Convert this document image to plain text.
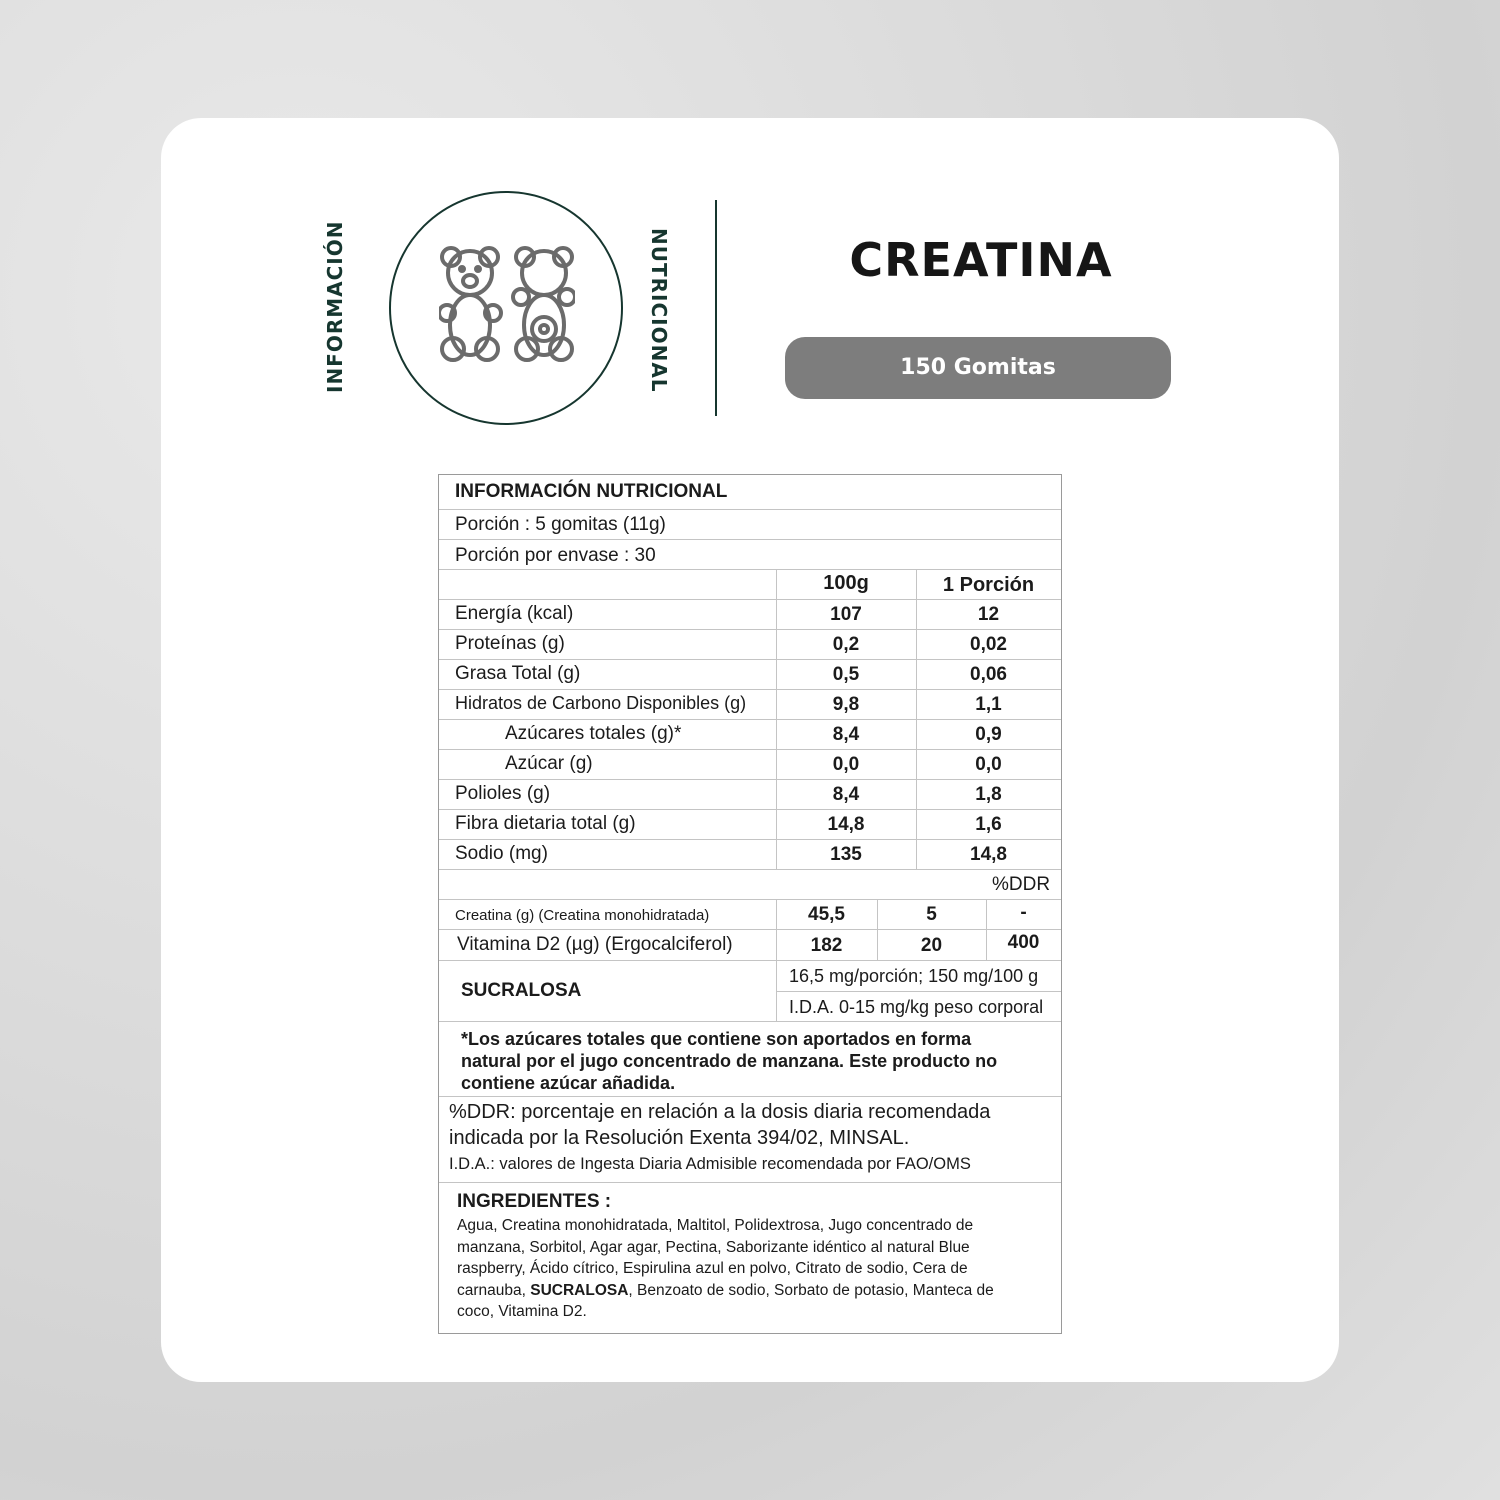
INFORMACIÓN	NUTRICIONAL	CREATINA
150 Gomitas
INFORMACIÓN NUTRICIONAL
Porción : 5 gomitas (11g)
Porción por envase : 30
100g	1 Porción
Energía (kcal)	107	12
Proteínas (g)	0,2	0,02
Grasa Total (g)	0,5	0,06
Hidratos de Carbono Disponibles (g)	9,8	1,1
Azúcares totales (g)*	8,4	0,9
Azúcar (g)	0,0	0,0
Polioles (g)	8,4	1,8
Fibra dietaria total (g)	14,8	1,6
Sodio (mg)	135	14,8
%DDR
Creatina (g) (Creatina monohidratada)	45,5	5	-
Vitamina D2 (µg) (Ergocalciferol)	182	20	400
SUCRALOSA
16,5 mg/porción; 150 mg/100 g
I.D.A. 0-15 mg/kg peso corporal
*Los azúcares totales que contiene son aportados en forma
natural por el jugo concentrado de manzana. Este producto no
contiene azúcar añadida.
%DDR: porcentaje en relación a la dosis diaria recomendada
indicada por la Resolución Exenta 394/02, MINSAL.
I.D.A.: valores de Ingesta Diaria Admisible recomendada por FAO/OMS
INGREDIENTES :
Agua, Creatina monohidratada, Maltitol, Polidextrosa, Jugo concentrado de
manzana, Sorbitol, Agar agar, Pectina, Saborizante idéntico al natural Blue
raspberry, Ácido cítrico, Espirulina azul en polvo, Citrato de sodio, Cera de
carnauba, SUCRALOSA, Benzoato de sodio, Sorbato de potasio, Manteca de
coco, Vitamina D2.
